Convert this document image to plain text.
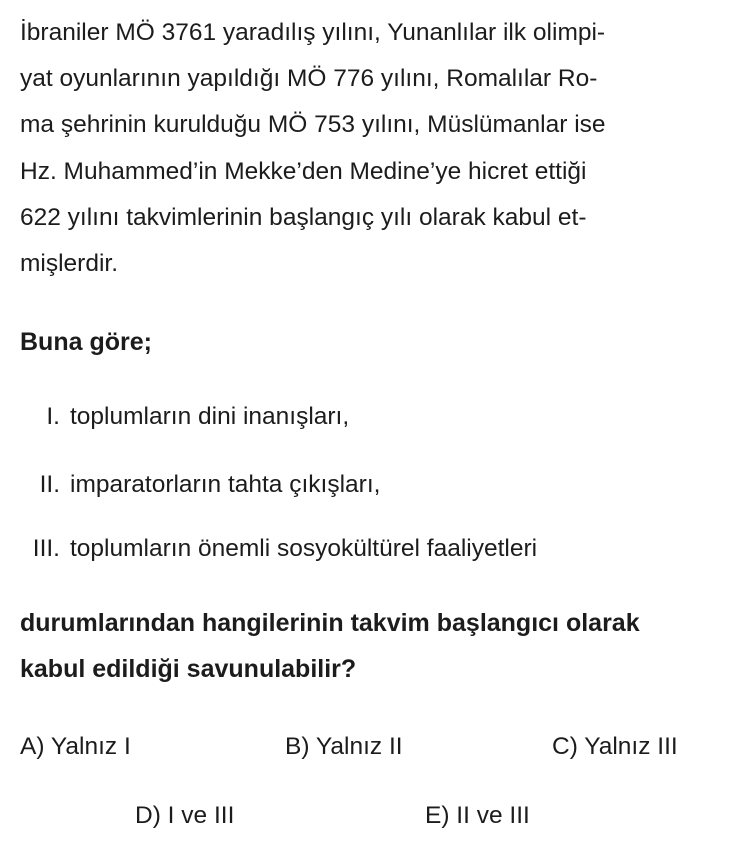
İbraniler MÖ 3761 yaradılış yılını, Yunanlılar ilk olimpi-
yat oyunlarının yapıldığı MÖ 776 yılını, Romalılar Ro-
ma şehrinin kurulduğu MÖ 753 yılını, Müslümanlar ise
Hz. Muhammed’in Mekke’den Medine’ye hicret ettiği
622 yılını takvimlerinin başlangıç yılı olarak kabul et-
mişlerdir.
Buna göre;
I. toplumların dini inanışları,
II. imparatorların tahta çıkışları,
III. toplumların önemli sosyokültürel faaliyetleri
durumlarından hangilerinin takvim başlangıcı olarak
kabul edildiği savunulabilir?
A) Yalnız I	B) Yalnız II	C) Yalnız III
D) I ve III	E) II ve III
